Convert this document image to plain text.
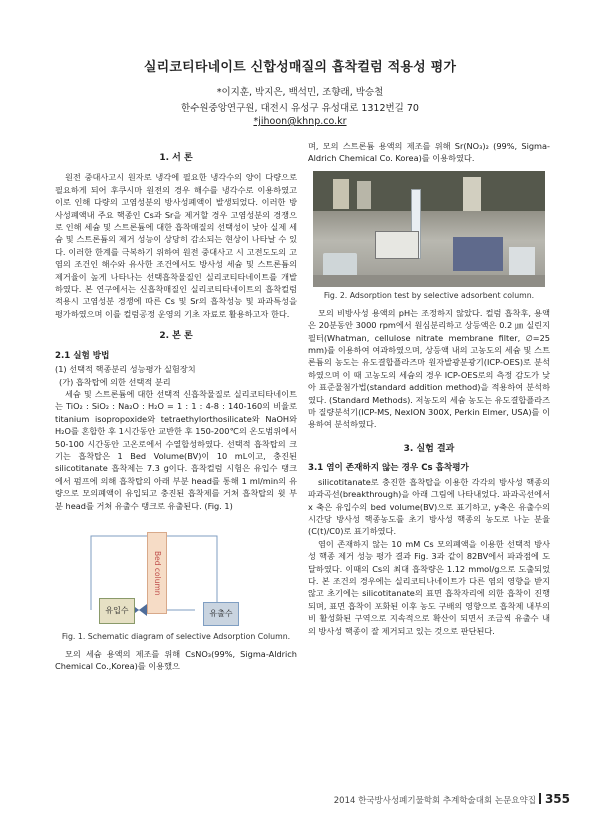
실리코티타네이트 신합성매질의 흡착컬럼 적용성 평가
*이지훈, 박지은, 백석민, 조향래, 박승철
한수원중앙연구원, 대전시 유성구 유성대로 1312번길 70
*jihoon@khnp.co.kr
1. 서 론

원전 중대사고시 원자로 냉각에 필요한 냉각수의 양이 다량으로 필요하게 되어 후쿠시마 원전의 경우 해수를 냉각수로 이용하였고 이로 인해 다량의 고염성분의 방사성폐액이 발생되었다. 이러한 방사성폐액내 주요 핵종인 Cs과 Sr을 제거할 경우 고염성분의 경쟁으로 인해 세슘 및 스트론튬에 대한 흡착매질의 선택성이 낮아 실제 세슘 및 스트론튬의 제거 성능이 상당히 감소되는 현상이 나타날 수 있다. 이러한 한계를 극복하기 위하여 원전 중대사고 시 고전도도의 고염의 조건인 해수와 유사한 조건에서도 방사성 세슘 및 스트론튬의 제거율이 높게 나타나는 선택흡착물질인 실리코티타네이트를 개발하였다. 본 연구에서는 신흡착매질인 실리코티타네이트의 흡착컬럼 적용시 고염성분 경쟁에 따른 Cs 및 Sr의 흡착성능 및 파과특성을 평가하였으며 이를 컬럼공정 운영의 기초 자료로 활용하고자 한다.

2. 본 론
2.1 실험 방법
(1) 선택적 핵종분리 성능평가 실험장치
(가) 흡착탑에 의한 선택적 분리

세슘 및 스트론튬에 대한 선택적 신흡착물질로 실리코티타네이트는 TiO₂ : SiO₂ : Na₂O : H₂O = 1 : 1 : 4-8 : 140-160의 비율로 titanium isopropoxide와 tetraethylorthosilicate와 NaOH와 H₂O를 혼합한 후 1시간동안 교반한 후 150-200℃의 온도범위에서 50-100 시간동안 고온로에서 수열합성하였다. 선택적 흡착탑의 크기는 흡착탑은 1 Bed Volume(BV)이 10 mL이고, 충진된 silicotitanate 흡착제는 7.3 g이다. 흡착컬럼 시험은 유입수 탱크에서 펌프에 의해 흡착탑의 아래 부분 head를 통해 1 ml/min의 유량으로 모의폐액이 유입되고 충진된 흡착제를 거쳐 흡착탑의 윗 부분 head를 거쳐 유출수 탱크로 유출된다. (Fig. 1)

유입수
Bed column
유출수
Fig. 1. Schematic diagram of selective Adsorption Column.

모의 세슘 용액의 제조를 위해 CsNO₃(99%, Sigma-Aldrich Chemical Co.,Korea)를 이용했으

며, 모의 스트론튬 용액의 제조를 위해 Sr(NO₃)₂ (99%, Sigma-Aldrich Chemical Co. Korea)를 이용하였다.

Fig. 2. Adsorption test by selective adsorbent column.

모의 비방사성 용액의 pH는 조정하지 않았다. 컬럼 흡착후, 용액은 20분동안 3000 rpm에서 원심분리하고 상등액은 0.2 ㎛ 실린지 필터(Whatman, cellulose nitrate membrane filter, ∅=25 mm)를 이용하여 여과하였으며, 상등액 내의 고농도의 세슘 및 스트론튬의 농도는 유도결합플라즈마 원자발광분광기(ICP-OES)로 분석하였으며 이 때 고농도의 세슘의 경우 ICP-OES로의 측정 감도가 낮아 표준물첨가법(standard addition method)을 적용하여 분석하였다. (Standard Methods). 저농도의 세슘 농도는 유도결합플라즈마 질량분석기(ICP-MS, NexION 300X, Perkin Elmer, USA)를 이용하여 분석하였다.

3. 실험 결과
3.1 염이 존재하지 않는 경우 Cs 흡착평가

silicotitanate로 충진한 흡착탑을 이용한 각각의 방사성 핵종의 파과곡선(breakthrough)을 아래 그림에 나타내었다. 파과곡선에서 x 축은 유입수의 bed volume(BV)으로 표기하고, y축은 유출수의 시간당 방사성 핵종농도를 초기 방사성 핵종의 농도로 나눈 분율(C(t)/C0)로 표기하였다.

염이 존재하지 않는 10 mM Cs 모의폐액을 이용한 선택적 방사성 핵종 제거 성능 평가 결과 Fig. 3과 같이 82BV에서 파과점에 도달하였다. 이때의 Cs의 최대 흡착량은 1.12 mmol/g으로 도출되었다. 본 조건의 경우에는 실리코티나네이트가 다른 염의 영향을 받지 않고 초기에는 silicotitanate의 표면 흡착자리에 의한 흡착이 진행되며, 표면 흡착이 포화된 이후 농도 구배의 영향으로 흡착제 내부의 비 활성화된 구역으로 지속적으로 확산이 되면서 조금씩 유출수 내의 방사성 핵종이 잘 제거되고 있는 것으로 판단된다.

2014 한국방사성폐기물학회 추계학술대회 논문요약집 355
